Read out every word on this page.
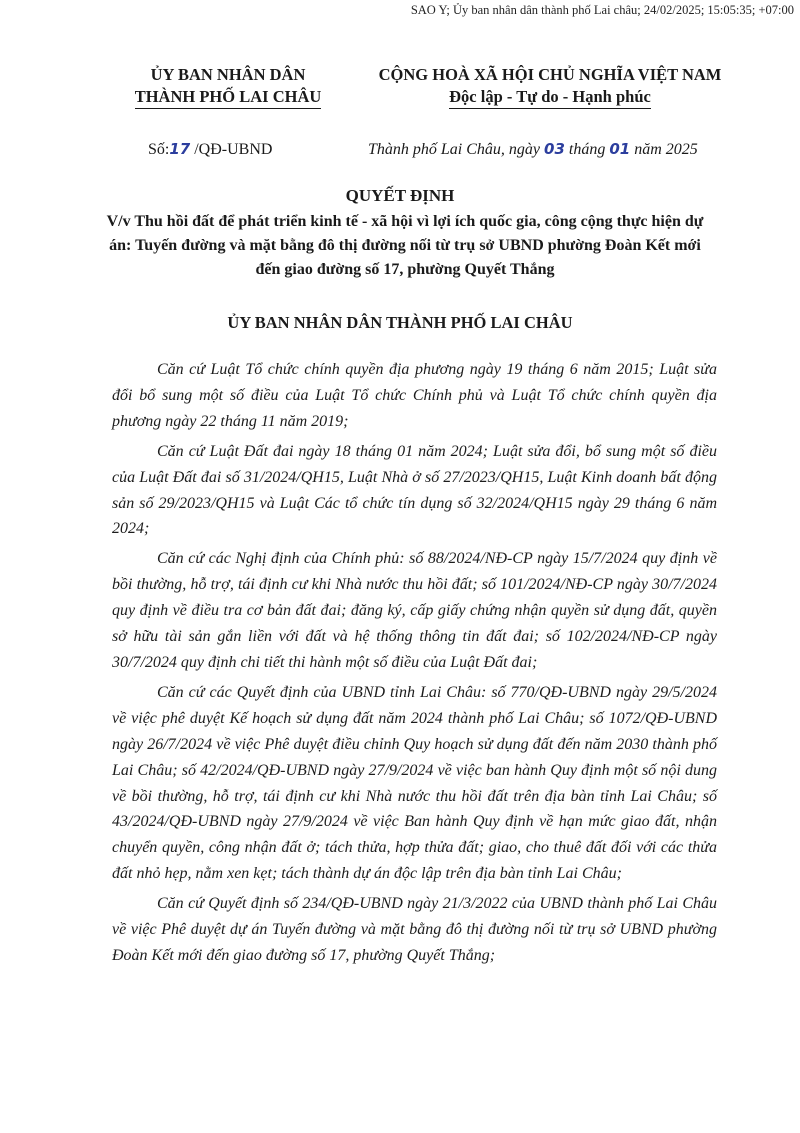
SAO Y; Ủy ban nhân dân thành phố Lai châu; 24/02/2025; 15:05:35; +07:00
ỦY BAN NHÂN DÂN
THÀNH PHỐ LAI CHÂU
CỘNG HOÀ XÃ HỘI CHỦ NGHĨA VIỆT NAM
Độc lập - Tự do - Hạnh phúc
Số:17 /QĐ-UBND	Thành phố Lai Châu, ngày 03 tháng 01 năm 2025
QUYẾT ĐỊNH
V/v Thu hồi đất để phát triển kinh tế - xã hội vì lợi ích quốc gia, công cộng thực hiện dự án: Tuyến đường và mặt bằng đô thị đường nối từ trụ sở UBND phường Đoàn Kết mới đến giao đường số 17, phường Quyết Thắng
ỦY BAN NHÂN DÂN THÀNH PHỐ LAI CHÂU

Căn cứ Luật Tổ chức chính quyền địa phương ngày 19 tháng 6 năm 2015; Luật sửa đổi bổ sung một số điều của Luật Tổ chức Chính phủ và Luật Tổ chức chính quyền địa phương ngày 22 tháng 11 năm 2019;

Căn cứ Luật Đất đai ngày 18 tháng 01 năm 2024; Luật sửa đổi, bổ sung một số điều của Luật Đất đai số 31/2024/QH15, Luật Nhà ở số 27/2023/QH15, Luật Kinh doanh bất động sản số 29/2023/QH15 và Luật Các tổ chức tín dụng số 32/2024/QH15 ngày 29 tháng 6 năm 2024;

Căn cứ các Nghị định của Chính phủ: số 88/2024/NĐ-CP ngày 15/7/2024 quy định về bồi thường, hỗ trợ, tái định cư khi Nhà nước thu hồi đất; số 101/2024/NĐ-CP ngày 30/7/2024 quy định về điều tra cơ bản đất đai; đăng ký, cấp giấy chứng nhận quyền sử dụng đất, quyền sở hữu tài sản gắn liền với đất và hệ thống thông tin đất đai; số 102/2024/NĐ-CP ngày 30/7/2024 quy định chi tiết thi hành một số điều của Luật Đất đai;

Căn cứ các Quyết định của UBND tỉnh Lai Châu: số 770/QĐ-UBND ngày 29/5/2024 về việc phê duyệt Kế hoạch sử dụng đất năm 2024 thành phố Lai Châu; số 1072/QĐ-UBND ngày 26/7/2024 về việc Phê duyệt điều chỉnh Quy hoạch sử dụng đất đến năm 2030 thành phố Lai Châu; số 42/2024/QĐ-UBND ngày 27/9/2024 về việc ban hành Quy định một số nội dung về bồi thường, hỗ trợ, tái định cư khi Nhà nước thu hồi đất trên địa bàn tỉnh Lai Châu; số 43/2024/QĐ-UBND ngày 27/9/2024 về việc Ban hành Quy định về hạn mức giao đất, nhận chuyển quyền, công nhận đất ở; tách thửa, hợp thửa đất; giao, cho thuê đất đối với các thửa đất nhỏ hẹp, nằm xen kẹt; tách thành dự án độc lập trên địa bàn tỉnh Lai Châu;

Căn cứ Quyết định số 234/QĐ-UBND ngày 21/3/2022 của UBND thành phố Lai Châu về việc Phê duyệt dự án Tuyến đường và mặt bằng đô thị đường nối từ trụ sở UBND phường Đoàn Kết mới đến giao đường số 17, phường Quyết Thắng;
